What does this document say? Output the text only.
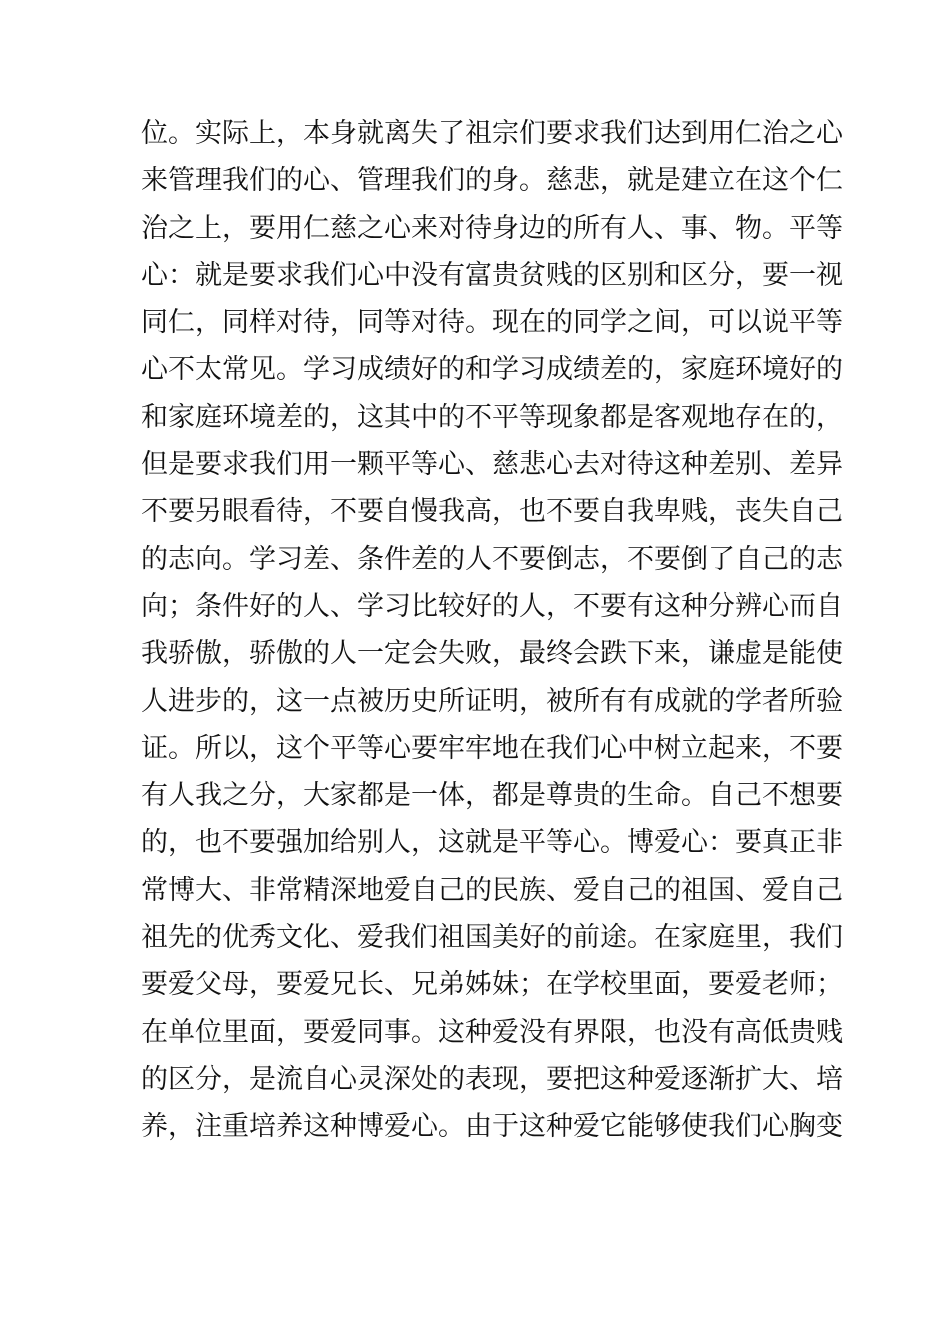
位。实际上，本身就离失了祖宗们要求我们达到用仁治之心
来管理我们的心、管理我们的身。慈悲，就是建立在这个仁
治之上，要用仁慈之心来对待身边的所有人、事、物。平等
心：就是要求我们心中没有富贵贫贱的区别和区分，要一视
同仁，同样对待，同等对待。现在的同学之间，可以说平等
心不太常见。学习成绩好的和学习成绩差的，家庭环境好的
和家庭环境差的，这其中的不平等现象都是客观地存在的，
但是要求我们用一颗平等心、慈悲心去对待这种差别、差异
不要另眼看待，不要自慢我高，也不要自我卑贱，丧失自己
的志向。学习差、条件差的人不要倒志，不要倒了自己的志
向；条件好的人、学习比较好的人，不要有这种分辨心而自
我骄傲，骄傲的人一定会失败，最终会跌下来，谦虚是能使
人进步的，这一点被历史所证明，被所有有成就的学者所验
证。所以，这个平等心要牢牢地在我们心中树立起来，不要
有人我之分，大家都是一体，都是尊贵的生命。自己不想要
的，也不要强加给别人，这就是平等心。博爱心：要真正非
常博大、非常精深地爱自己的民族、爱自己的祖国、爱自己
祖先的优秀文化、爱我们祖国美好的前途。在家庭里，我们
要爱父母，要爱兄长、兄弟姊妹；在学校里面，要爱老师；
在单位里面，要爱同事。这种爱没有界限，也没有高低贵贱
的区分，是流自心灵深处的表现，要把这种爱逐渐扩大、培
养，注重培养这种博爱心。由于这种爱它能够使我们心胸变
